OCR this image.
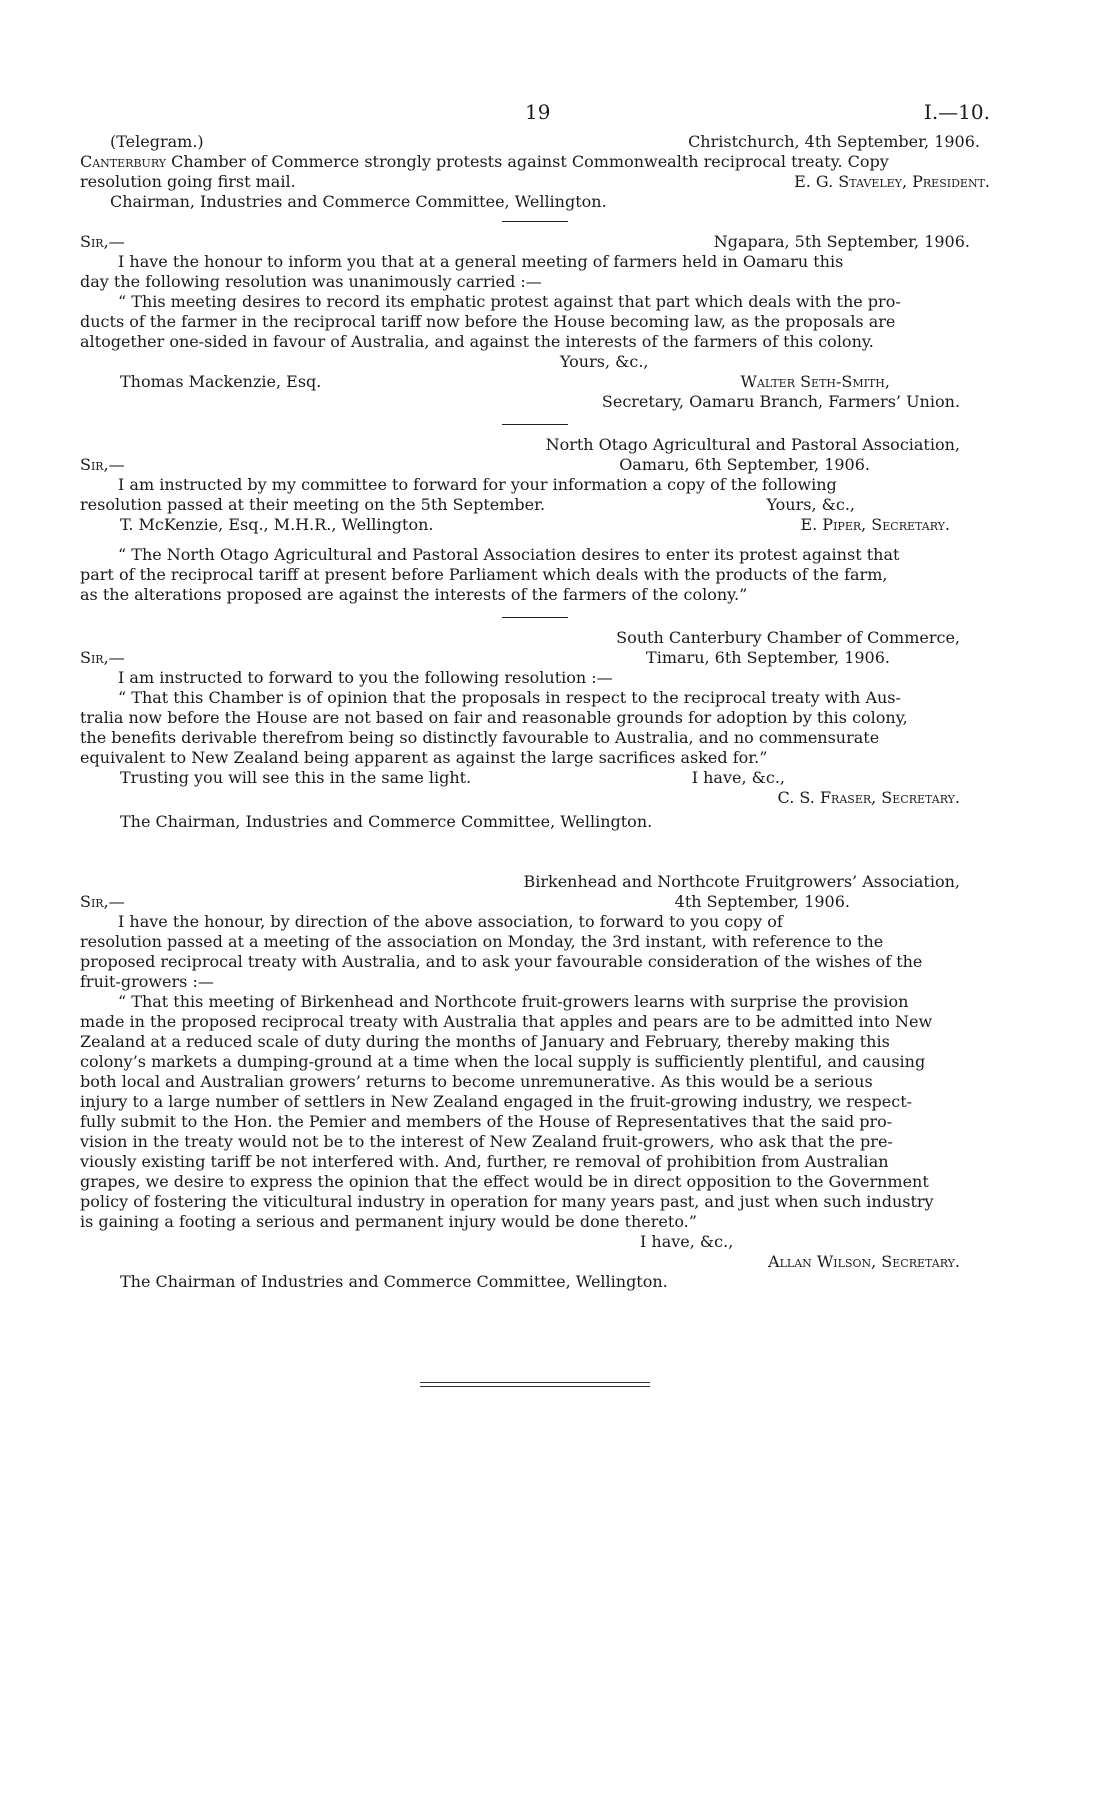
19	I.—10.
(Telegram.)	Christchurch, 4th September, 1906.
Canterbury Chamber of Commerce strongly protests against Commonwealth reciprocal treaty. Copy
resolution going first mail.	E. G. Staveley, President.
Chairman, Industries and Commerce Committee, Wellington.
Sir,—	Ngapara, 5th September, 1906.
I have the honour to inform you that at a general meeting of farmers held in Oamaru this
day the following resolution was unanimously carried :—
“ This meeting desires to record its emphatic protest against that part which deals with the pro-
ducts of the farmer in the reciprocal tariff now before the House becoming law, as the proposals are
altogether one-sided in favour of Australia, and against the interests of the farmers of this colony.
Yours, &c.,
Thomas Mackenzie, Esq.	Walter Seth-Smith,
Secretary, Oamaru Branch, Farmers’ Union.
North Otago Agricultural and Pastoral Association,
Sir,—	Oamaru, 6th September, 1906.
I am instructed by my committee to forward for your information a copy of the following
resolution passed at their meeting on the 5th September.	Yours, &c.,
T. McKenzie, Esq., M.H.R., Wellington.	E. Piper, Secretary.
“ The North Otago Agricultural and Pastoral Association desires to enter its protest against that
part of the reciprocal tariff at present before Parliament which deals with the products of the farm,
as the alterations proposed are against the interests of the farmers of the colony.”
South Canterbury Chamber of Commerce,
Sir,—	Timaru, 6th September, 1906.
I am instructed to forward to you the following resolution :—
“ That this Chamber is of opinion that the proposals in respect to the reciprocal treaty with Aus-
tralia now before the House are not based on fair and reasonable grounds for adoption by this colony,
the benefits derivable therefrom being so distinctly favourable to Australia, and no commensurate
equivalent to New Zealand being apparent as against the large sacrifices asked for.”
Trusting you will see this in the same light.	I have, &c.,
C. S. Fraser, Secretary.
The Chairman, Industries and Commerce Committee, Wellington.
Birkenhead and Northcote Fruitgrowers’ Association,
Sir,—	4th September, 1906.
I have the honour, by direction of the above association, to forward to you copy of
resolution passed at a meeting of the association on Monday, the 3rd instant, with reference to the
proposed reciprocal treaty with Australia, and to ask your favourable consideration of the wishes of the
fruit-growers :—
“ That this meeting of Birkenhead and Northcote fruit-growers learns with surprise the provision
made in the proposed reciprocal treaty with Australia that apples and pears are to be admitted into New
Zealand at a reduced scale of duty during the months of January and February, thereby making this
colony’s markets a dumping-ground at a time when the local supply is sufficiently plentiful, and causing
both local and Australian growers’ returns to become unremunerative. As this would be a serious
injury to a large number of settlers in New Zealand engaged in the fruit-growing industry, we respect-
fully submit to the Hon. the Pemier and members of the House of Representatives that the said pro-
vision in the treaty would not be to the interest of New Zealand fruit-growers, who ask that the pre-
viously existing tariff be not interfered with. And, further, re removal of prohibition from Australian
grapes, we desire to express the opinion that the effect would be in direct opposition to the Government
policy of fostering the viticultural industry in operation for many years past, and just when such industry
is gaining a footing a serious and permanent injury would be done thereto.”
I have, &c.,
Allan Wilson, Secretary.
The Chairman of Industries and Commerce Committee, Wellington.
